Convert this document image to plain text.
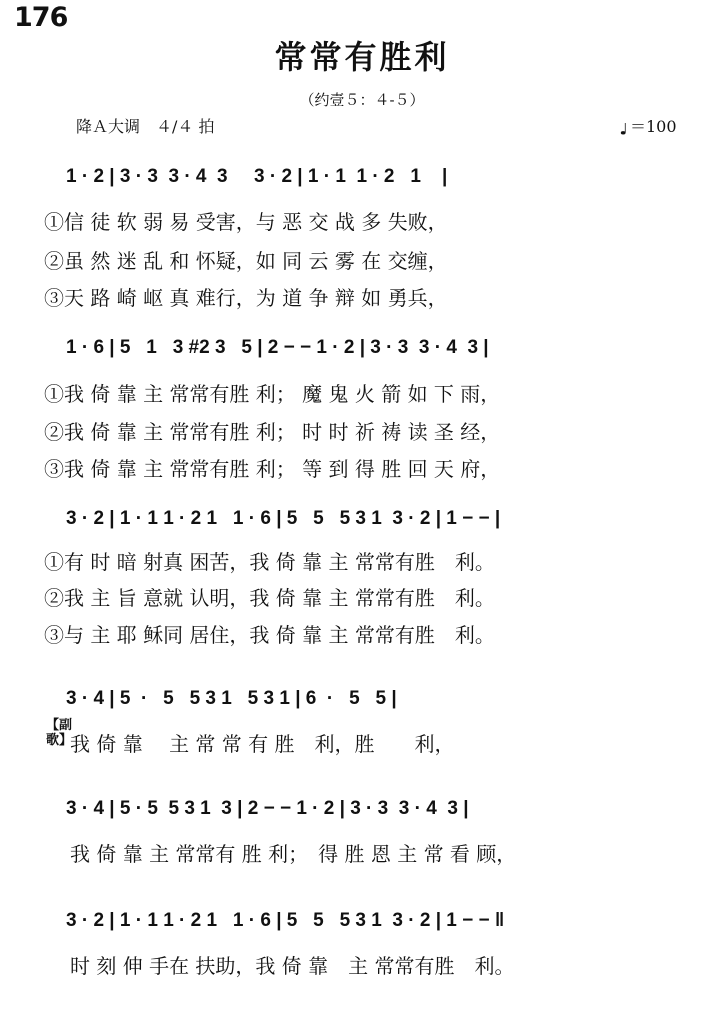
176
常常有胜利
（约壹５：４-５）
降Ａ大调　４/４ 拍	＝100
1 · 2 | 3 · 3  3 · 4  3     3 · 2 | 1 · 1  1 · 2   1    |
①信 徒 软 弱 易 受害，与 恶 交 战 多 失败，
②虽 然 迷 乱 和 怀疑，如 同 云 雾 在 交缠，
③天 路 崎 岖 真 难行，为 道 争 辩 如 勇兵，
1 · 6 | 5   1   3 #2 3   5 | 2 − − 1 · 2 | 3 · 3  3 · 4  3 |
①我 倚 靠 主 常常有胜 利； 魔 鬼 火 箭 如 下 雨，
②我 倚 靠 主 常常有胜 利； 时 时 祈 祷 读 圣 经，
③我 倚 靠 主 常常有胜 利； 等 到 得 胜 回 天 府，
3 · 2 | 1 · 1 1 · 2 1   1 · 6 | 5   5   5 3 1  3 · 2 | 1 − − |
①有 时 暗 射真 困苦，我 倚 靠 主 常常有胜　利。
②我 主 旨 意就 认明，我 倚 靠 主 常常有胜　利。
③与 主 耶 稣同 居住，我 倚 靠 主 常常有胜　利。
【副歌】
3 · 4 | 5  ·   5   5 3 1   5 3 1 | 6  ·   5   5 |
我 倚 靠　 主 常 常 有 胜　利，胜　　利，
3 · 4 | 5 · 5  5 3 1  3 | 2 − − 1 · 2 | 3 · 3  3 · 4  3 |
我 倚 靠 主 常常有 胜 利；　得 胜 恩 主 常 看 顾，
3 · 2 | 1 · 1 1 · 2 1   1 · 6 | 5   5   5 3 1  3 · 2 | 1 − − ‖
时 刻 伸 手在 扶助，我 倚 靠　主 常常有胜　利。
